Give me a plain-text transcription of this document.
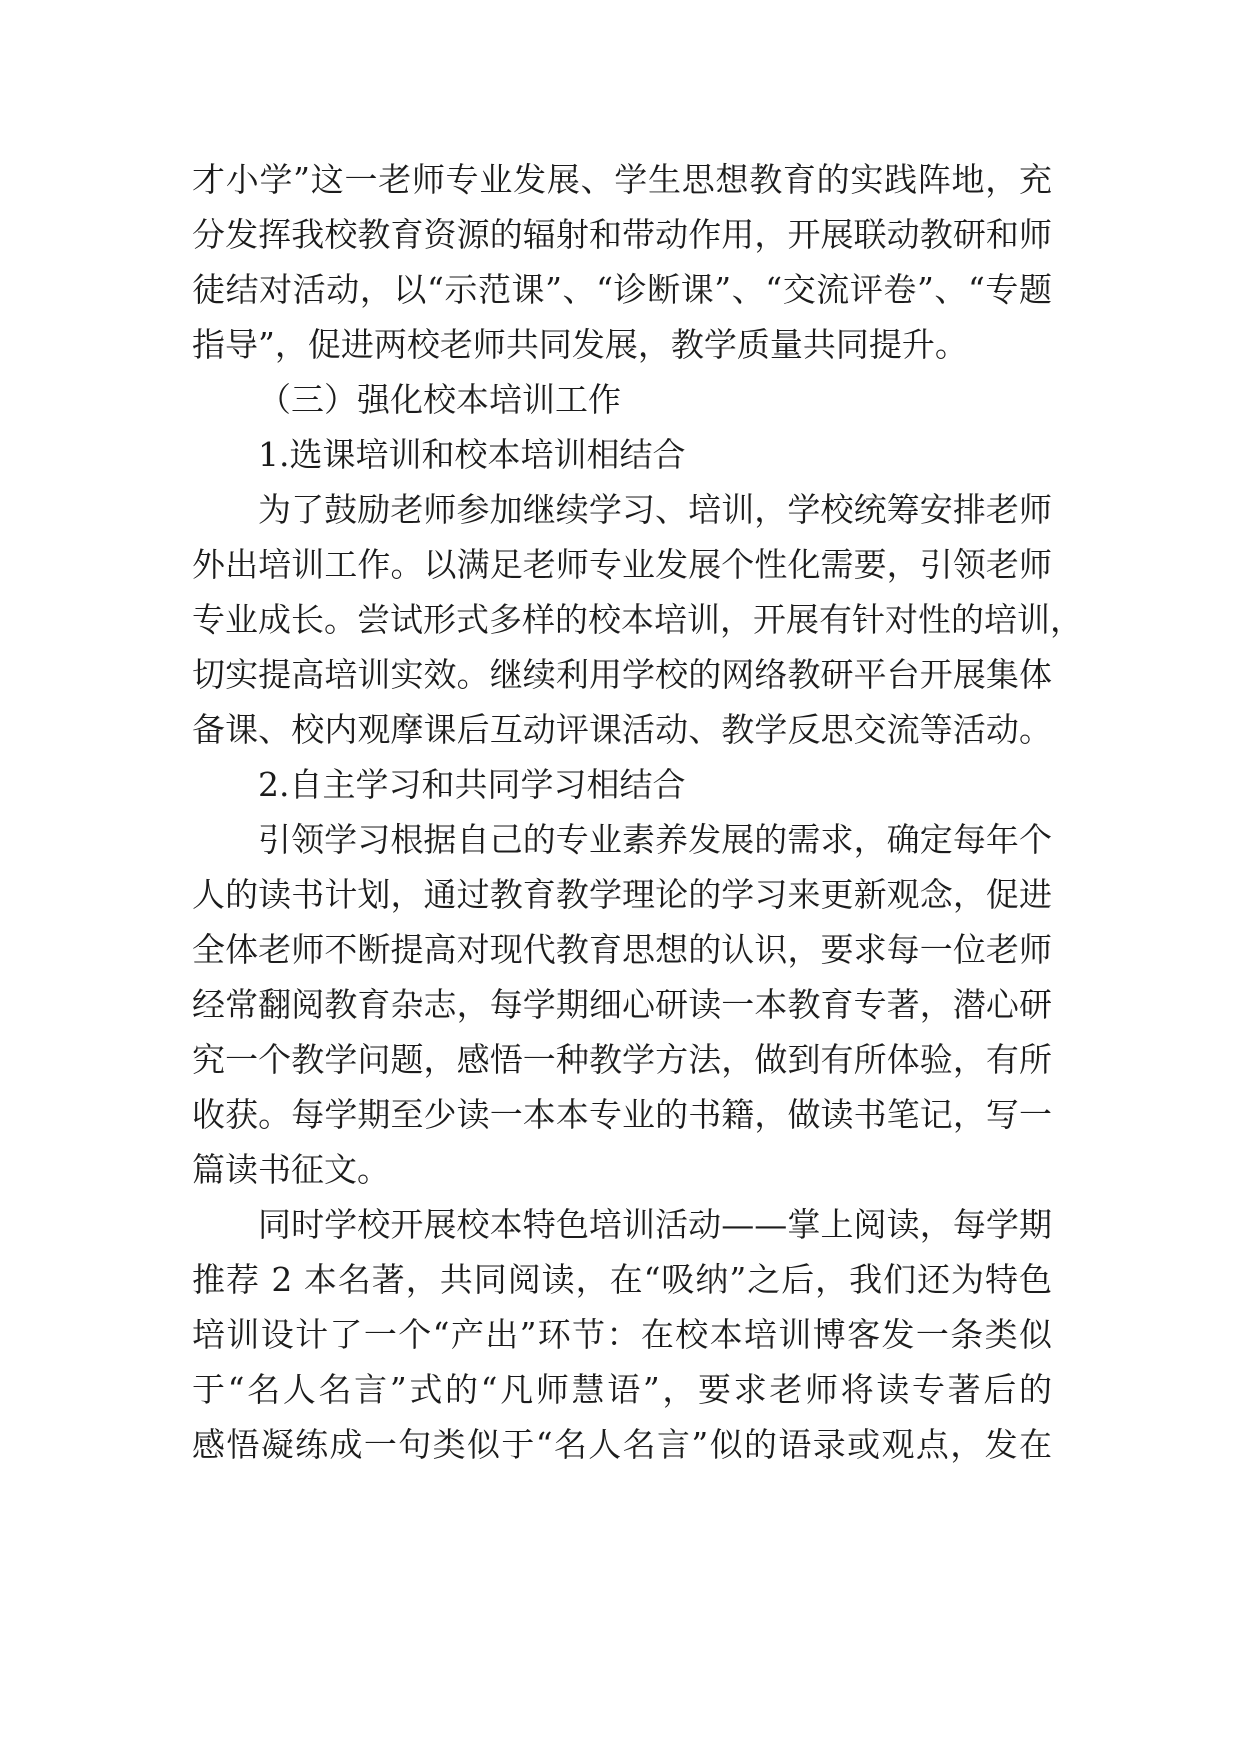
才小学”这一老师专业发展、学生思想教育的实践阵地，充
分发挥我校教育资源的辐射和带动作用，开展联动教研和师
徒结对活动，以“示范课”、“诊断课”、“交流评卷”、“专题
指导”，促进两校老师共同发展，教学质量共同提升。
（三）强化校本培训工作
1.选课培训和校本培训相结合
为了鼓励老师参加继续学习、培训，学校统筹安排老师
外出培训工作。以满足老师专业发展个性化需要，引领老师
专业成长。尝试形式多样的校本培训，开展有针对性的培训，
切实提高培训实效。继续利用学校的网络教研平台开展集体
备课、校内观摩课后互动评课活动、教学反思交流等活动。
2.自主学习和共同学习相结合
引领学习根据自己的专业素养发展的需求，确定每年个
人的读书计划，通过教育教学理论的学习来更新观念，促进
全体老师不断提高对现代教育思想的认识，要求每一位老师
经常翻阅教育杂志，每学期细心研读一本教育专著，潜心研
究一个教学问题，感悟一种教学方法，做到有所体验，有所
收获。每学期至少读一本本专业的书籍，做读书笔记，写一
篇读书征文。
同时学校开展校本特色培训活动——掌上阅读，每学期
推荐 2 本名著，共同阅读，在“吸纳”之后，我们还为特色
培训设计了一个“产出”环节：在校本培训博客发一条类似
于“名人名言”式的“凡师慧语”，要求老师将读专著后的
感悟凝练成一句类似于“名人名言”似的语录或观点，发在
